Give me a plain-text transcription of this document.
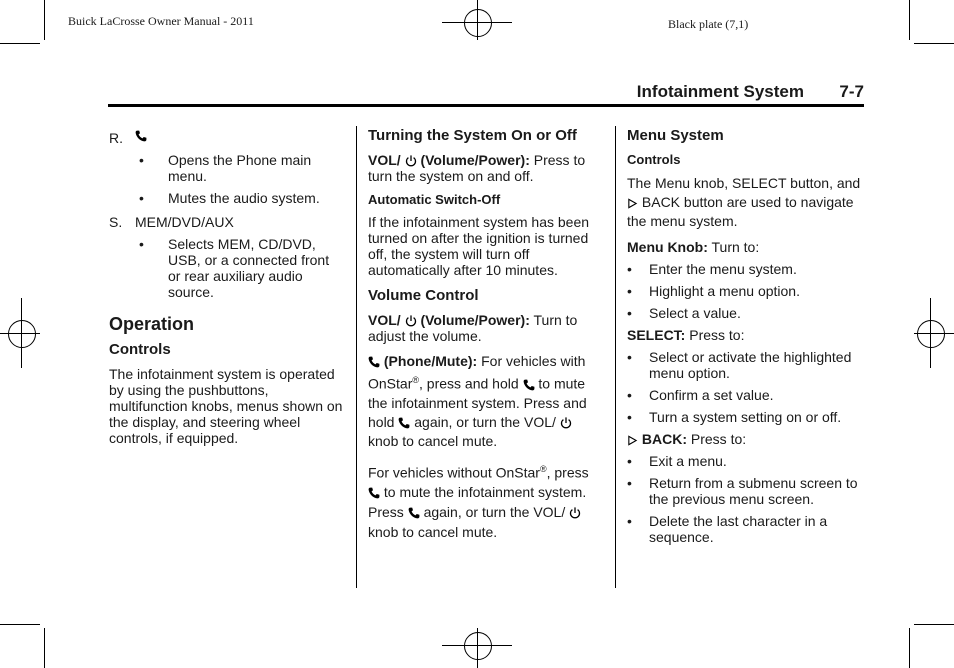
Buick LaCrosse Owner Manual - 2011	Black plate (7,1)
Infotainment System 7-7
R.
•	Opens the Phone main menu.
•	Mutes the audio system.
S. MEM/DVD/AUX
•	Selects MEM, CD/DVD, USB, or a connected front or rear auxiliary audio source.
Operation
Controls

The infotainment system is operated by using the pushbuttons, multifunction knobs, menus shown on the display, and steering wheel controls, if equipped.

Turning the System On or Off

VOL/ (Volume/Power): Press to turn the system on and off.

Automatic Switch-Off

If the infotainment system has been turned on after the ignition is turned off, the system will turn off automatically after 10 minutes.

Volume Control

VOL/ (Volume/Power): Turn to adjust the volume.

(Phone/Mute): For vehicles with OnStar®, press and hold to mute the infotainment system. Press and hold again, or turn the VOL/  knob to cancel mute.

For vehicles without OnStar®, press  to mute the infotainment system. Press again, or turn the VOL/  knob to cancel mute.

Menu System
Controls

The Menu knob, SELECT button, and  BACK button are used to navigate the menu system.

Menu Knob: Turn to:

•	Enter the menu system.
•	Highlight a menu option.
•	Select a value.

SELECT: Press to:

•	Select or activate the highlighted menu option.
•	Confirm a set value.
•	Turn a system setting on or off.

BACK: Press to:

•	Exit a menu.
•	Return from a submenu screen to the previous menu screen.
•	Delete the last character in a sequence.
